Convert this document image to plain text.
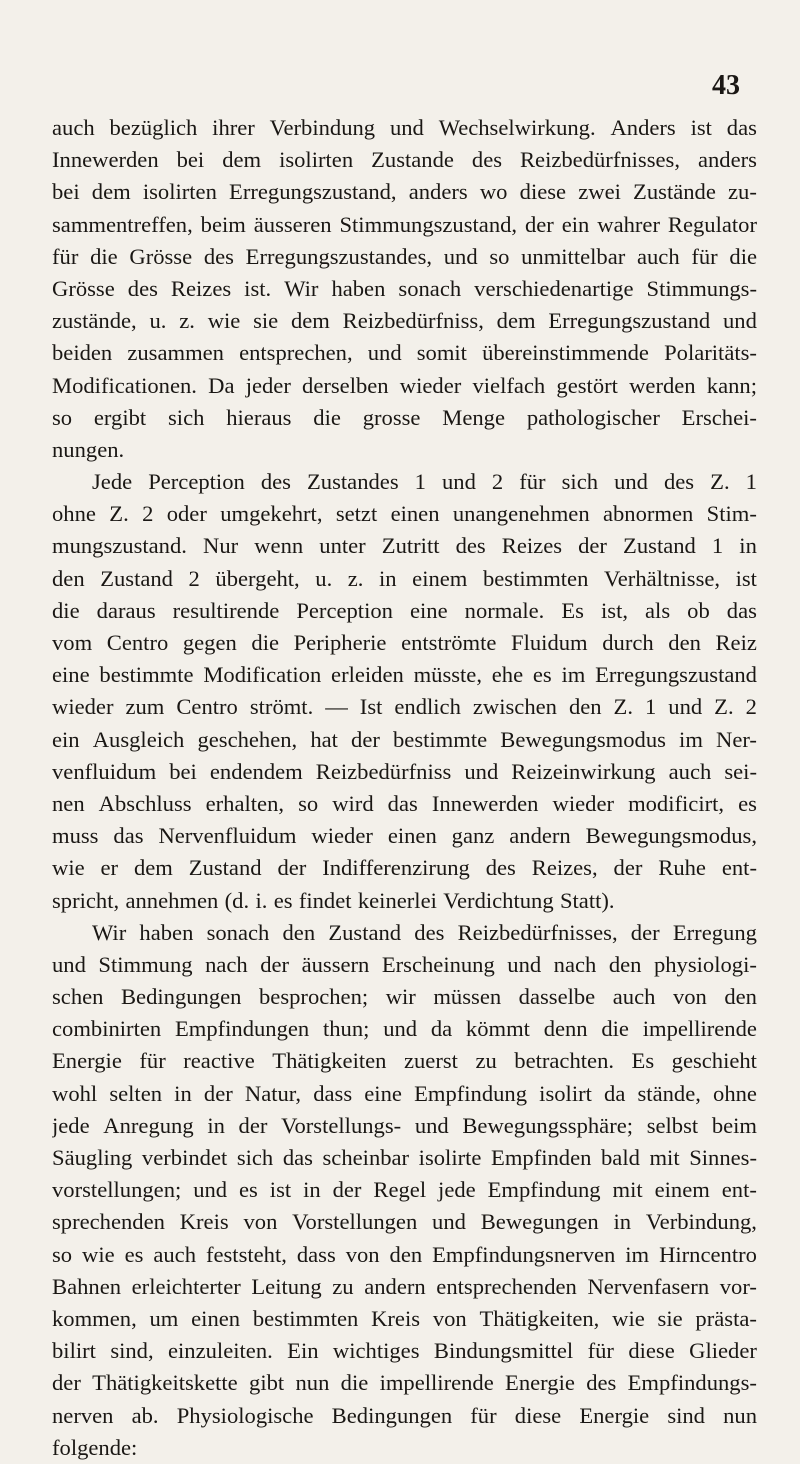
43
auch bezüglich ihrer Verbindung und Wechselwirkung. Anders ist das
Innewerden bei dem isolirten Zustande des Reizbedürfnisses, anders
bei dem isolirten Erregungszustand, anders wo diese zwei Zustände zu-
sammentreffen, beim äusseren Stimmungszustand, der ein wahrer Regulator
für die Grösse des Erregungszustandes, und so unmittelbar auch für die
Grösse des Reizes ist. Wir haben sonach verschiedenartige Stimmungs-
zustände, u. z. wie sie dem Reizbedürfniss, dem Erregungszustand und
beiden zusammen entsprechen, und somit übereinstimmende Polaritäts-
Modificationen. Da jeder derselben wieder vielfach gestört werden kann;
so ergibt sich hieraus die grosse Menge pathologischer Erschei-
nungen.
Jede Perception des Zustandes 1 und 2 für sich und des Z. 1
ohne Z. 2 oder umgekehrt, setzt einen unangenehmen abnormen Stim-
mungszustand. Nur wenn unter Zutritt des Reizes der Zustand 1 in
den Zustand 2 übergeht, u. z. in einem bestimmten Verhältnisse, ist
die daraus resultirende Perception eine normale. Es ist, als ob das
vom Centro gegen die Peripherie entströmte Fluidum durch den Reiz
eine bestimmte Modification erleiden müsste, ehe es im Erregungszustand
wieder zum Centro strömt. — Ist endlich zwischen den Z. 1 und Z. 2
ein Ausgleich geschehen, hat der bestimmte Bewegungsmodus im Ner-
venfluidum bei endendem Reizbedürfniss und Reizeinwirkung auch sei-
nen Abschluss erhalten, so wird das Innewerden wieder modificirt, es
muss das Nervenfluidum wieder einen ganz andern Bewegungsmodus,
wie er dem Zustand der Indifferenzirung des Reizes, der Ruhe ent-
spricht, annehmen (d. i. es findet keinerlei Verdichtung Statt).
Wir haben sonach den Zustand des Reizbedürfnisses, der Erregung
und Stimmung nach der äussern Erscheinung und nach den physiologi-
schen Bedingungen besprochen; wir müssen dasselbe auch von den
combinirten Empfindungen thun; und da kömmt denn die impellirende
Energie für reactive Thätigkeiten zuerst zu betrachten. Es geschieht
wohl selten in der Natur, dass eine Empfindung isolirt da stände, ohne
jede Anregung in der Vorstellungs- und Bewegungssphäre; selbst beim
Säugling verbindet sich das scheinbar isolirte Empfinden bald mit Sinnes-
vorstellungen; und es ist in der Regel jede Empfindung mit einem ent-
sprechenden Kreis von Vorstellungen und Bewegungen in Verbindung,
so wie es auch feststeht, dass von den Empfindungsnerven im Hirncentro
Bahnen erleichterter Leitung zu andern entsprechenden Nervenfasern vor-
kommen, um einen bestimmten Kreis von Thätigkeiten, wie sie prästa-
bilirt sind, einzuleiten. Ein wichtiges Bindungsmittel für diese Glieder
der Thätigkeitskette gibt nun die impellirende Energie des Empfindungs-
nerven ab. Physiologische Bedingungen für diese Energie sind nun
folgende:
